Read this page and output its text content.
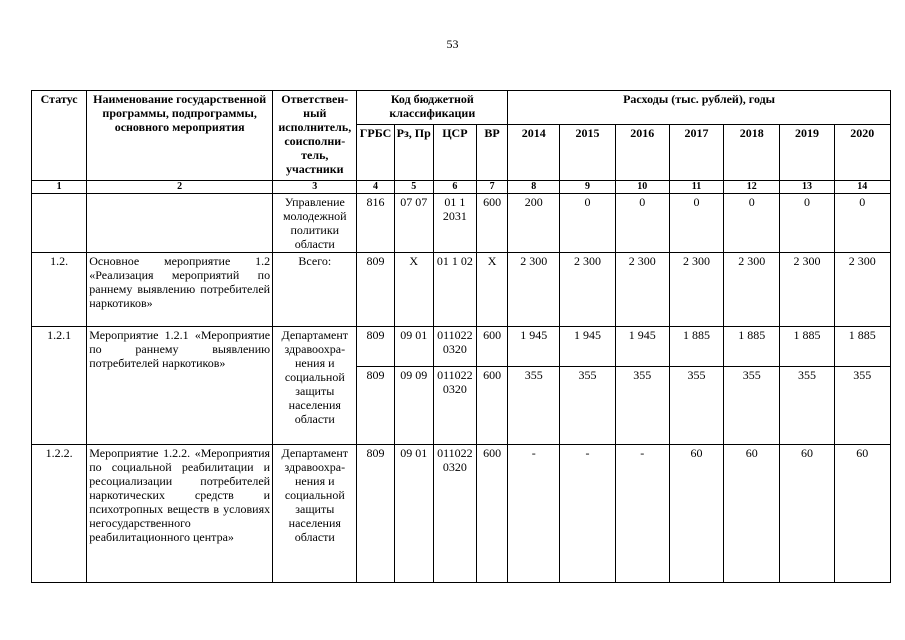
53
Статус	Наименование государственной программы, подпрограммы, основного мероприятия	Ответствен-ный исполнитель, соисполни-тель, участники	Код бюджетной классификации				Расходы (тыс. рублей), годы						
			ГРБС	Рз, Пр	ЦСР	ВР	2014	2015	2016	2017	2018	2019	2020
1	2	3	4	5	6	7	8	9	10	11	12	13	14
		Управление молодежной политики области	816	07 07	01 1 2031	600	200	0	0	0	0	0	0
1.2.	Основное мероприятие 1.2 «Реализация мероприятий по раннему выявлению потребителей наркотиков»	Всего:	809	Х	01 1 02	Х	2 300	2 300	2 300	2 300	2 300	2 300	2 300
1.2.1	Мероприятие 1.2.1 «Мероприятие по раннему выявлению потребителей наркотиков»	Департамент здравоохра-нения и социальной защиты населения области	809	09 01	011022 0320	600	1 945	1 945	1 945	1 885	1 885	1 885	1 885
			809	09 09	011022 0320	600	355	355	355	355	355	355	355
1.2.2.	Мероприятие 1.2.2. «Мероприятия по социальной реабилитации и ресоциализации потребителей наркотических средств и психотропных веществ в условиях негосударственного реабилитационного центра»	Департамент здравоохра-нения и социальной защиты населения области	809	09 01	011022 0320	600	-	-	-	60	60	60	60
